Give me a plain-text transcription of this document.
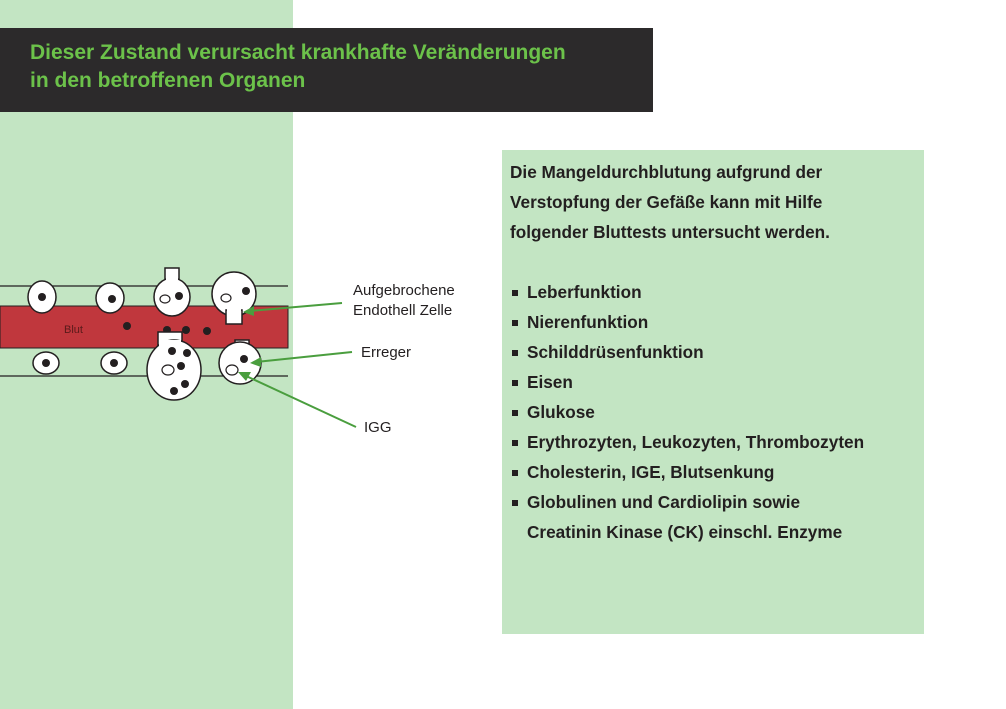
Dieser Zustand verursacht krankhafte Veränderungen
in den betroffenen Organen
Blut
Aufgebrochene
Endothell Zelle
Erreger
IGG
Die Mangeldurchblutung aufgrund der
Verstopfung der Gefäße kann mit Hilfe
folgender Bluttests untersucht werden.
Leberfunktion
Nierenfunktion
Schilddrüsenfunktion
Eisen
Glukose
Erythrozyten, Leukozyten, Thrombozyten
Cholesterin, IGE, Blutsenkung
Globulinen und Cardiolipin sowie
Creatinin Kinase (CK) einschl. Enzyme
